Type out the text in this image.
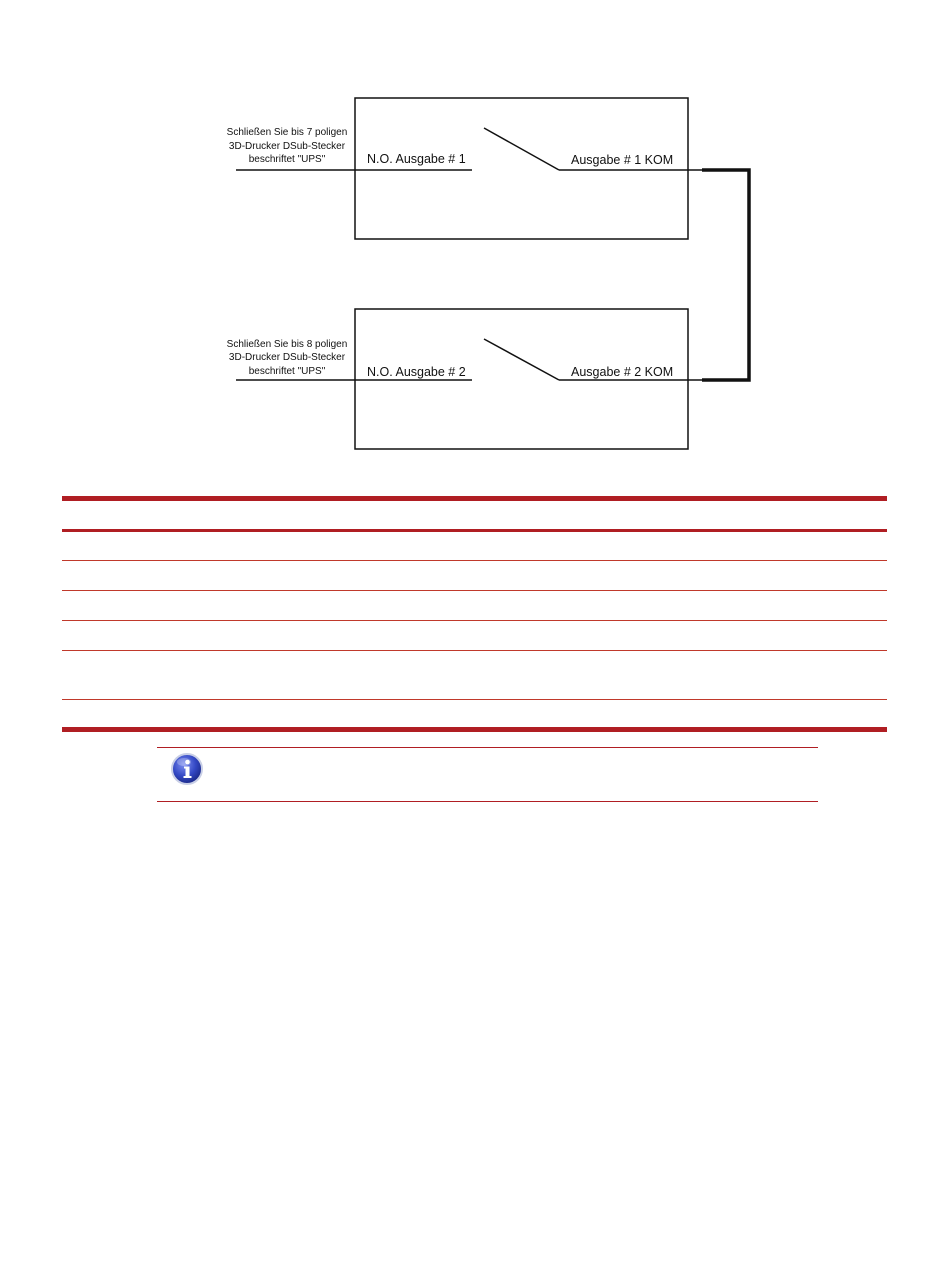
Schließen Sie bis 7 poligen
3D-Drucker DSub-Stecker
beschriftet "UPS"	N.O. Ausgabe # 1	Ausgabe # 1 KOM
Schließen Sie bis 8 poligen
3D-Drucker DSub-Stecker
beschriftet "UPS"	N.O. Ausgabe # 2	Ausgabe # 2 KOM
